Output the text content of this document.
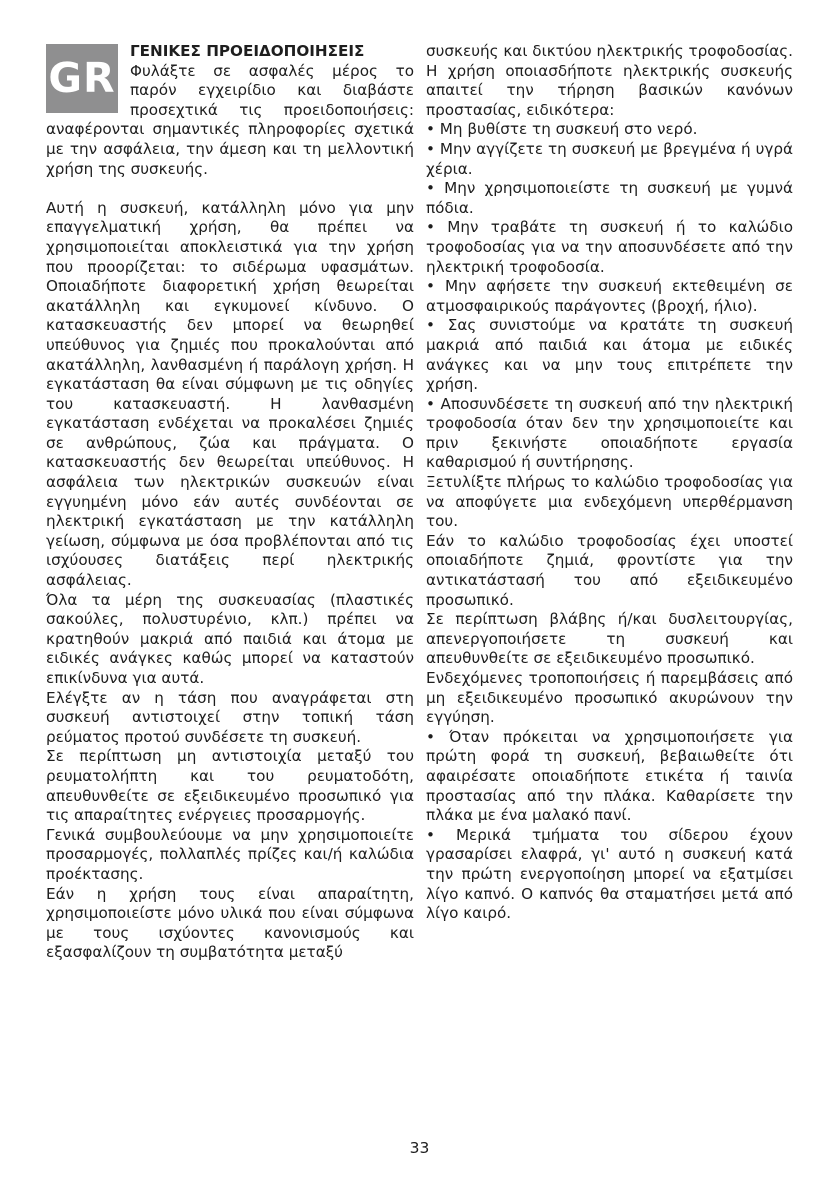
GR
ΓΕΝΙΚΕΣ ΠΡΟΕΙΔΟΠΟΙΗΣΕΙΣ

Φυλάξτε σε ασφαλές μέρος το παρόν εγχειρίδιο και διαβάστε προσεχτικά τις προειδοποιήσεις: αναφέρονται σημαντικές πληροφορίες σχετικά με την ασφάλεια, την άμεση και τη μελλοντική χρήση της συσκευής.

Αυτή η συσκευή, κατάλληλη μόνο για μην επαγγελματική χρήση, θα πρέπει να χρησιμοποιείται αποκλειστικά για την χρήση που προορίζεται: το σιδέρωμα υφασμάτων. Οποιαδήποτε διαφορετική χρήση θεωρείται ακατάλληλη και εγκυμονεί κίνδυνο. Ο κατασκευαστής δεν μπορεί να θεωρηθεί υπεύθυνος για ζημιές που προκαλούνται από ακατάλληλη, λανθασμένη ή παράλογη χρήση. Η εγκατάσταση θα είναι σύμφωνη με τις οδηγίες του κατασκευαστή. Η λανθασμένη εγκατάσταση ενδέχεται να προκαλέσει ζημιές σε ανθρώπους, ζώα και πράγματα. Ο κατασκευαστής δεν θεωρείται υπεύθυνος. Η ασφάλεια των ηλεκτρικών συσκευών είναι εγγυημένη μόνο εάν αυτές συνδέονται σε ηλεκτρική εγκατάσταση με την κατάλληλη γείωση, σύμφωνα με όσα προβλέπονται από τις ισχύουσες διατάξεις περί ηλεκτρικής ασφάλειας.

Όλα τα μέρη της συσκευασίας (πλαστικές σακούλες, πολυστυρένιο, κλπ.) πρέπει να κρατηθούν μακριά από παιδιά και άτομα με ειδικές ανάγκες καθώς μπορεί να καταστούν επικίνδυνα για αυτά.

Ελέγξτε αν η τάση που αναγράφεται στη συσκευή αντιστοιχεί στην τοπική τάση ρεύματος προτού συνδέσετε τη συσκευή.

Σε περίπτωση μη αντιστοιχία μεταξύ του ρευματολήπτη και του ρευματοδότη, απευθυνθείτε σε εξειδικευμένο προσωπικό για τις απαραίτητες ενέργειες προσαρμογής.

Γενικά συμβουλεύουμε να μην χρησιμοποιείτε προσαρμογές, πολλαπλές πρίζες και/ή καλώδια προέκτασης.

Εάν η χρήση τους είναι απαραίτητη, χρησιμοποιείστε μόνο υλικά που είναι σύμφωνα με τους ισχύοντες κανονισμούς και εξασφαλίζουν τη συμβατότητα μεταξύ

συσκευής και δικτύου ηλεκτρικής τροφοδοσίας.

Η χρήση οποιασδήποτε ηλεκτρικής συσκευής απαιτεί την τήρηση βασικών κανόνων προστασίας, ειδικότερα:

• Μη βυθίστε τη συσκευή στο νερό.

• Μην αγγίζετε τη συσκευή με βρεγμένα ή υγρά χέρια.

• Μην χρησιμοποιείστε τη συσκευή με γυμνά πόδια.

• Μην τραβάτε τη συσκευή ή το καλώδιο τροφοδοσίας για να την αποσυνδέσετε από την ηλεκτρική τροφοδοσία.

• Μην αφήσετε την συσκευή εκτεθειμένη σε ατμοσφαιρικούς παράγοντες (βροχή, ήλιο).

• Σας συνιστούμε να κρατάτε τη συσκευή μακριά από παιδιά και άτομα με ειδικές ανάγκες και να μην τους επιτρέπετε την χρήση.

• Αποσυνδέσετε τη συσκευή από την ηλεκτρική τροφοδοσία όταν δεν την χρησιμοποιείτε και πριν ξεκινήστε οποιαδήποτε εργασία καθαρισμού ή συντήρησης.

Ξετυλίξτε πλήρως το καλώδιο τροφοδοσίας για να αποφύγετε μια ενδεχόμενη υπερθέρμανση του.

Εάν το καλώδιο τροφοδοσίας έχει υποστεί οποιαδήποτε ζημιά, φροντίστε για την αντικατάστασή του από εξειδικευμένο προσωπικό.

Σε περίπτωση βλάβης ή/και δυσλειτουργίας, απενεργοποιήσετε τη συσκευή και απευθυνθείτε σε εξειδικευμένο προσωπικό.

Ενδεχόμενες τροποποιήσεις ή παρεμβάσεις από μη εξειδικευμένο προσωπικό ακυρώνουν την εγγύηση.

• Όταν πρόκειται να χρησιμοποιήσετε για πρώτη φορά τη συσκευή, βεβαιωθείτε ότι αφαιρέσατε οποιαδήποτε ετικέτα ή ταινία προστασίας από την πλάκα. Καθαρίσετε την πλάκα με ένα μαλακό πανί.

• Μερικά τμήματα του σίδερου έχουν γρασαρίσει ελαφρά, γι' αυτό η συσκευή κατά την πρώτη ενεργοποίηση μπορεί να εξατμίσει λίγο καπνό. Ο καπνός θα σταματήσει μετά από λίγο καιρό.

33
